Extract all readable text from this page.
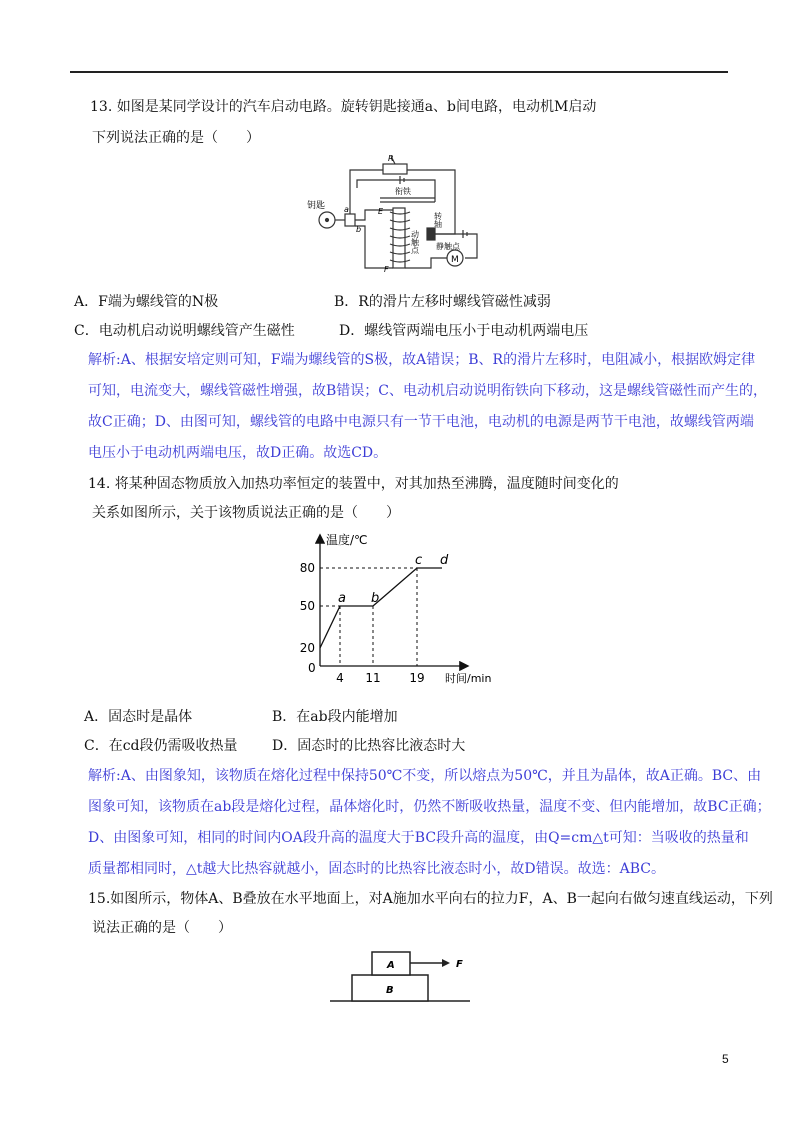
13. 如图是某同学设计的汽车启动电路。旋转钥匙接通a、b间电路，电动机M启动
下列说法正确的是（　　）
钥匙 a
b
R
衔铁
E
转轴
动触点 静触点
F
M
A．F端为螺线管的N极	B．R的滑片左移时螺线管磁性减弱
C．电动机启动说明螺线管产生磁性	D．螺线管两端电压小于电动机两端电压
解析:A、根据安培定则可知，F端为螺线管的S极，故A错误；B、R的滑片左移时，电阻减小，根据欧姆定律
可知，电流变大，螺线管磁性增强，故B错误；C、电动机启动说明衔铁向下移动，这是螺线管磁性而产生的，
故C正确；D、由图可知，螺线管的电路中电源只有一节干电池，电动机的电源是两节干电池，故螺线管两端
电压小于电动机两端电压，故D正确。故选CD。
14. 将某种固态物质放入加热功率恒定的装置中，对其加热至沸腾，温度随时间变化的
关系如图所示，关于该物质说法正确的是（　　）
温度/℃
时间/min
0
20
50
80
4 11 19
a b
c d
A．固态时是晶体	B．在ab段内能增加
C．在cd段仍需吸收热量 D．固态时的比热容比液态时大
解析:A、由图象知，该物质在熔化过程中保持50℃不变，所以熔点为50℃，并且为晶体，故A正确。BC、由
图象可知，该物质在ab段是熔化过程，晶体熔化时，仍然不断吸收热量，温度不变、但内能增加，故BC正确；
D、由图象可知，相同的时间内OA段升高的温度大于BC段升高的温度，由Q=cm△t可知：当吸收的热量和
质量都相同时，△t越大比热容就越小，固态时的比热容比液态时小，故D错误。故选：ABC。
15.如图所示，物体A、B叠放在水平地面上，对A施加水平向右的拉力F，A、B一起向右做匀速直线运动，下列
说法正确的是（　　）
A
B
F
5
